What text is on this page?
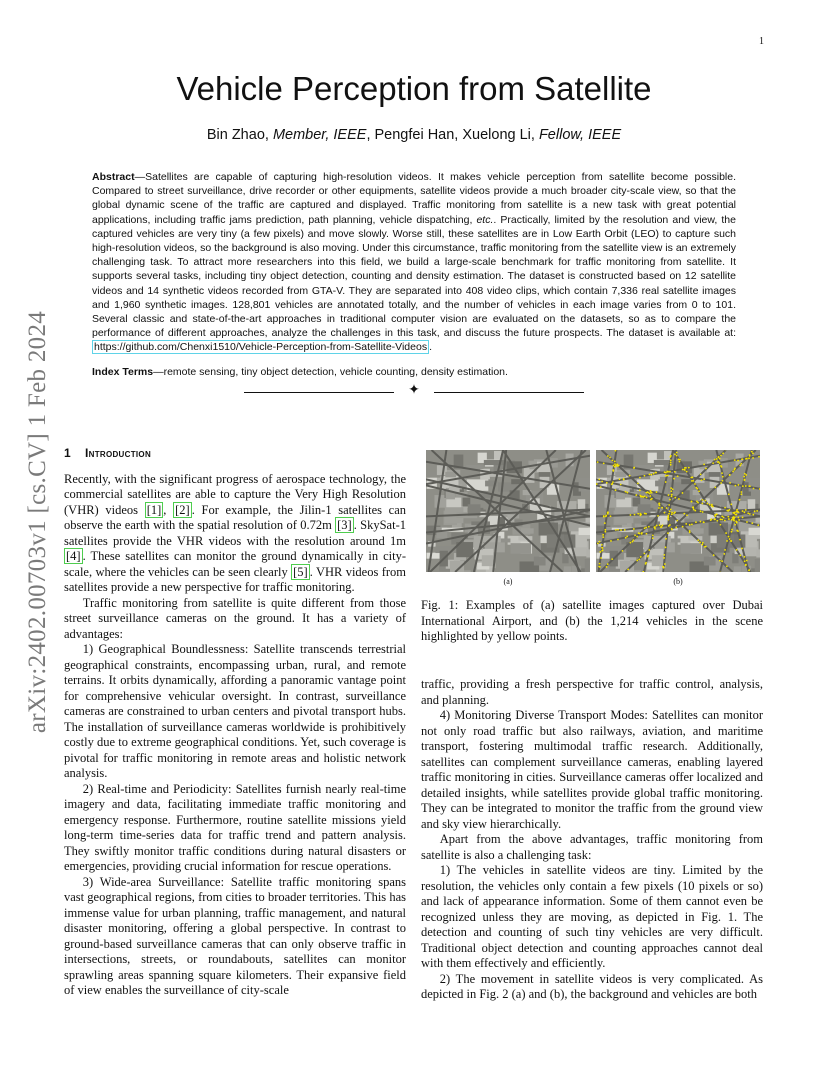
1
arXiv:2402.00703v1 [cs.CV] 1 Feb 2024
Vehicle Perception from Satellite
Bin Zhao, Member, IEEE, Pengfei Han, Xuelong Li, Fellow, IEEE
Abstract—Satellites are capable of capturing high-resolution videos. It makes vehicle perception from satellite become possible. Compared to street surveillance, drive recorder or other equipments, satellite videos provide a much broader city-scale view, so that the global dynamic scene of the traffic are captured and displayed. Traffic monitoring from satellite is a new task with great potential applications, including traffic jams prediction, path planning, vehicle dispatching, etc.. Practically, limited by the resolution and view, the captured vehicles are very tiny (a few pixels) and move slowly. Worse still, these satellites are in Low Earth Orbit (LEO) to capture such high-resolution videos, so the background is also moving. Under this circumstance, traffic monitoring from the satellite view is an extremely challenging task. To attract more researchers into this field, we build a large-scale benchmark for traffic monitoring from satellite. It supports several tasks, including tiny object detection, counting and density estimation. The dataset is constructed based on 12 satellite videos and 14 synthetic videos recorded from GTA-V. They are separated into 408 video clips, which contain 7,336 real satellite images and 1,960 synthetic images. 128,801 vehicles are annotated totally, and the number of vehicles in each image varies from 0 to 101. Several classic and state-of-the-art approaches in traditional computer vision are evaluated on the datasets, so as to compare the performance of different approaches, analyze the challenges in this task, and discuss the future prospects. The dataset is available at: https://github.com/Chenxi1510/Vehicle-Perception-from-Satellite-Videos .
Index Terms—remote sensing, tiny object detection, vehicle counting, density estimation.
✦
1 Introduction

Recently, with the significant progress of aerospace technology, the commercial satellites are able to capture the Very High Resolution (VHR) videos [1] , [2] . For example, the Jilin-1 satellites can observe the earth with the spatial resolution of 0.72m [3] . SkySat-1 satellites provide the VHR videos with the resolution around 1m [4] . These satellites can monitor the ground dynamically in city-scale, where the vehicles can be seen clearly [5] . VHR videos from satellites provide a new perspective for traffic monitoring.

Traffic monitoring from satellite is quite different from those street surveillance cameras on the ground. It has a variety of advantages:

1) Geographical Boundlessness: Satellite transcends terrestrial geographical constraints, encompassing urban, rural, and remote terrains. It orbits dynamically, affording a panoramic vantage point for comprehensive vehicular oversight. In contrast, surveillance cameras are constrained to urban centers and pivotal transport hubs. The installation of surveillance cameras worldwide is prohibitively costly due to extreme geographical conditions. Yet, such coverage is pivotal for traffic monitoring in remote areas and holistic network analysis.

2) Real-time and Periodicity: Satellites furnish nearly real-time imagery and data, facilitating immediate traffic monitoring and emergency response. Furthermore, routine satellite missions yield long-term time-series data for traffic trend and pattern analysis. They swiftly monitor traffic conditions during natural disasters or emergencies, providing crucial information for rescue operations.

3) Wide-area Surveillance: Satellite traffic monitoring spans vast geographical regions, from cities to broader territories. This has immense value for urban planning, traffic management, and natural disaster monitoring, offering a global perspective. In contrast to ground-based surveillance cameras that can only observe traffic in intersections, streets, or roundabouts, satellites can monitor sprawling areas spanning square kilometers. Their expansive field of view enables the surveillance of city-scale

(a)	(b)
Fig. 1: Examples of (a) satellite images captured over Dubai International Airport, and (b) the 1,214 vehicles in the scene highlighted by yellow points.

traffic, providing a fresh perspective for traffic control, analysis, and planning.

4) Monitoring Diverse Transport Modes: Satellites can monitor not only road traffic but also railways, aviation, and maritime transport, fostering multimodal traffic research. Additionally, satellites can complement surveillance cameras, enabling layered traffic monitoring in cities. Surveillance cameras offer localized and detailed insights, while satellites provide global traffic monitoring. They can be integrated to monitor the traffic from the ground view and sky view hierarchically.

Apart from the above advantages, traffic monitoring from satellite is also a challenging task:

1) The vehicles in satellite videos are tiny. Limited by the resolution, the vehicles only contain a few pixels (10 pixels or so) and lack of appearance information. Some of them cannot even be recognized unless they are moving, as depicted in Fig. 1. The detection and counting of such tiny vehicles are very difficult. Traditional object detection and counting approaches cannot deal with them effectively and efficiently.

2) The movement in satellite videos is very complicated. As depicted in Fig. 2 (a) and (b), the background and vehicles are both
